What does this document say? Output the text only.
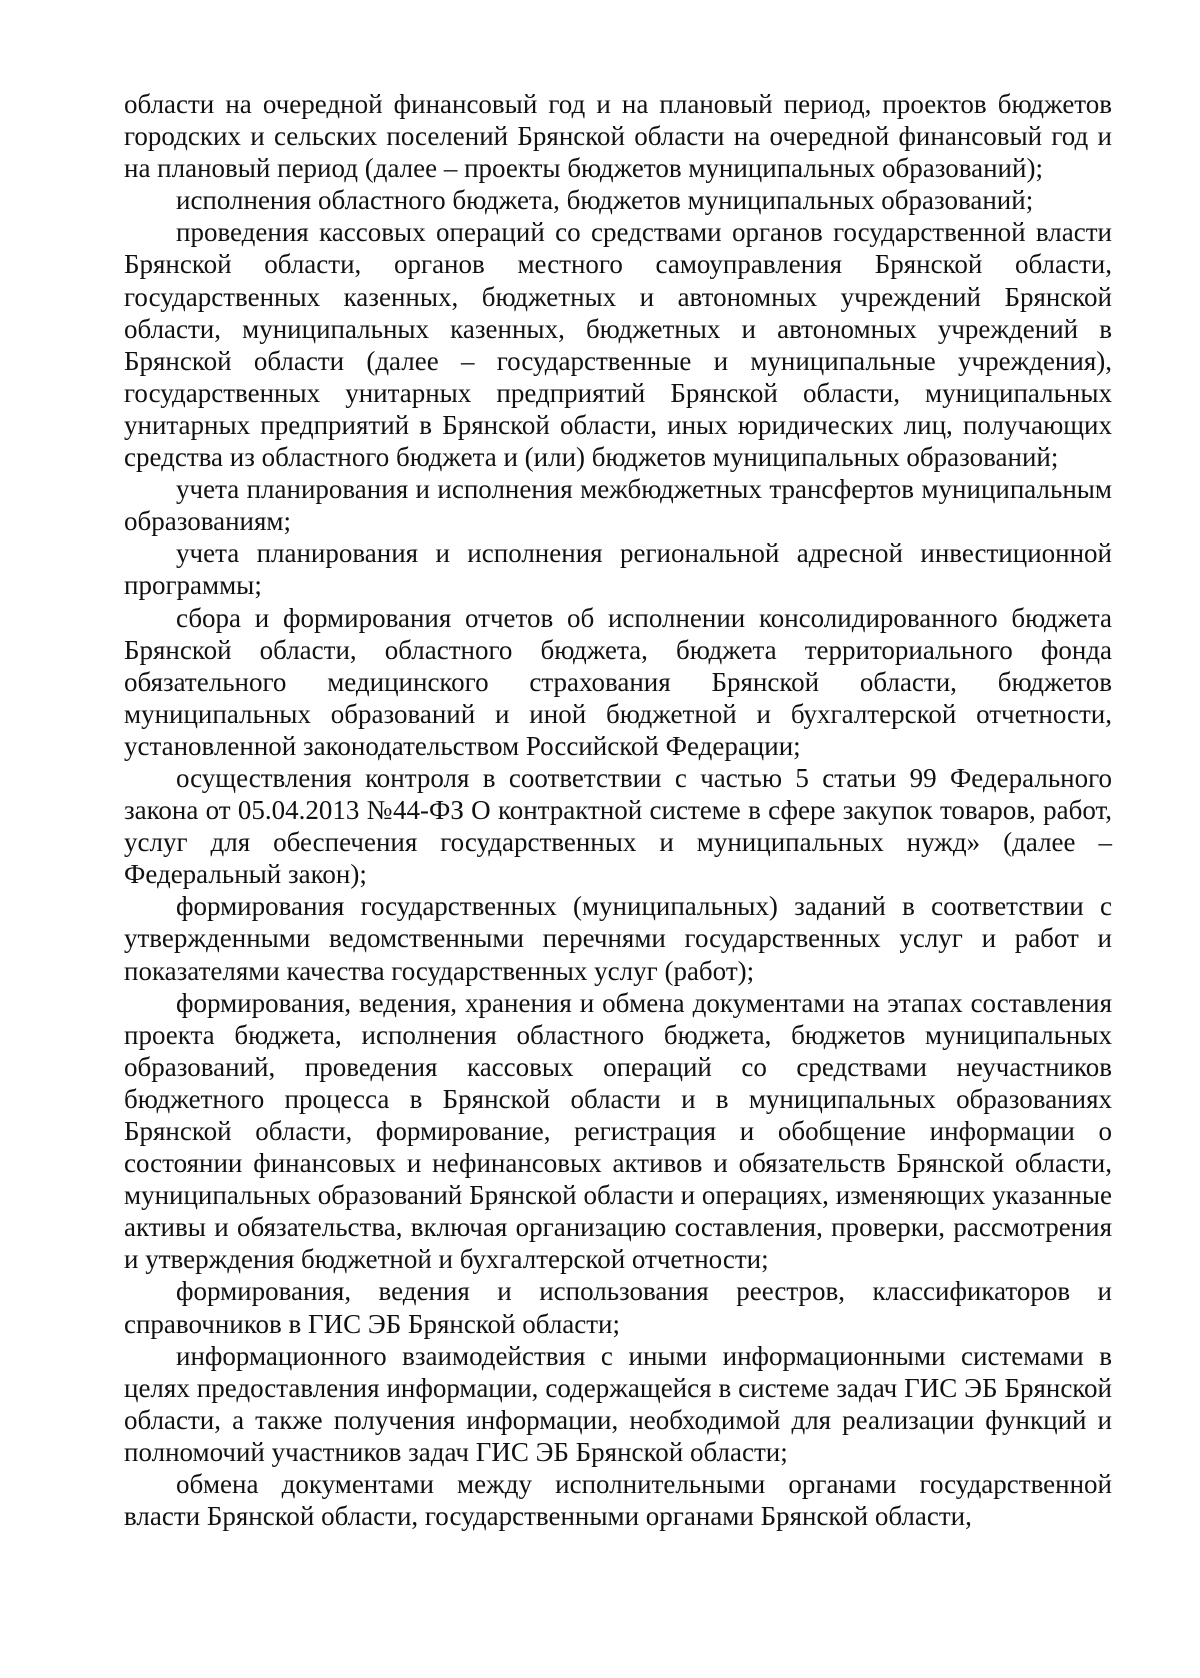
области на очередной финансовый год и на плановый период, проектов бюджетов городских и сельских поселений Брянской области на очередной финансовый год и на плановый период (далее – проекты бюджетов муниципальных образований);

исполнения областного бюджета, бюджетов муниципальных образований;

проведения кассовых операций со средствами органов государственной власти Брянской области, органов местного самоуправления Брянской области, государственных казенных, бюджетных и автономных учреждений Брянской области, муниципальных казенных, бюджетных и автономных учреждений в Брянской области (далее – государственные и муниципальные учреждения), государственных унитарных предприятий Брянской области, муниципальных унитарных предприятий в Брянской области, иных юридических лиц, получающих средства из областного бюджета и (или) бюджетов муниципальных образований;

учета планирования и исполнения межбюджетных трансфертов муниципальным образованиям;

учета планирования и исполнения региональной адресной инвестиционной программы;

сбора и формирования отчетов об исполнении консолидированного бюджета Брянской области, областного бюджета, бюджета территориального фонда обязательного медицинского страхования Брянской области, бюджетов муниципальных образований и иной бюджетной и бухгалтерской отчетности, установленной законодательством Российской Федерации;

осуществления контроля в соответствии с частью 5 статьи 99 Федерального закона от 05.04.2013 №44-ФЗ О контрактной системе в сфере закупок товаров, работ, услуг для обеспечения государственных и муниципальных нужд» (далее – Федеральный закон);

формирования государственных (муниципальных) заданий в соответствии с утвержденными ведомственными перечнями государственных услуг и работ и показателями качества государственных услуг (работ);

формирования, ведения, хранения и обмена документами на этапах составления проекта бюджета, исполнения областного бюджета, бюджетов муниципальных образований, проведения кассовых операций со средствами неучастников бюджетного процесса в Брянской области и в муниципальных образованиях Брянской области, формирование, регистрация и обобщение информации о состоянии финансовых и нефинансовых активов и обязательств Брянской области, муниципальных образований Брянской области и операциях, изменяющих указанные активы и обязательства, включая организацию составления, проверки, рассмотрения и утверждения бюджетной и бухгалтерской отчетности;

формирования, ведения и использования реестров, классификаторов и справочников в ГИС ЭБ Брянской области;

информационного взаимодействия с иными информационными системами в целях предоставления информации, содержащейся в системе задач ГИС ЭБ Брянской области, а также получения информации, необходимой для реализации функций и полномочий участников задач ГИС ЭБ Брянской области;

обмена документами между исполнительными органами государственной власти Брянской области, государственными органами Брянской области,
